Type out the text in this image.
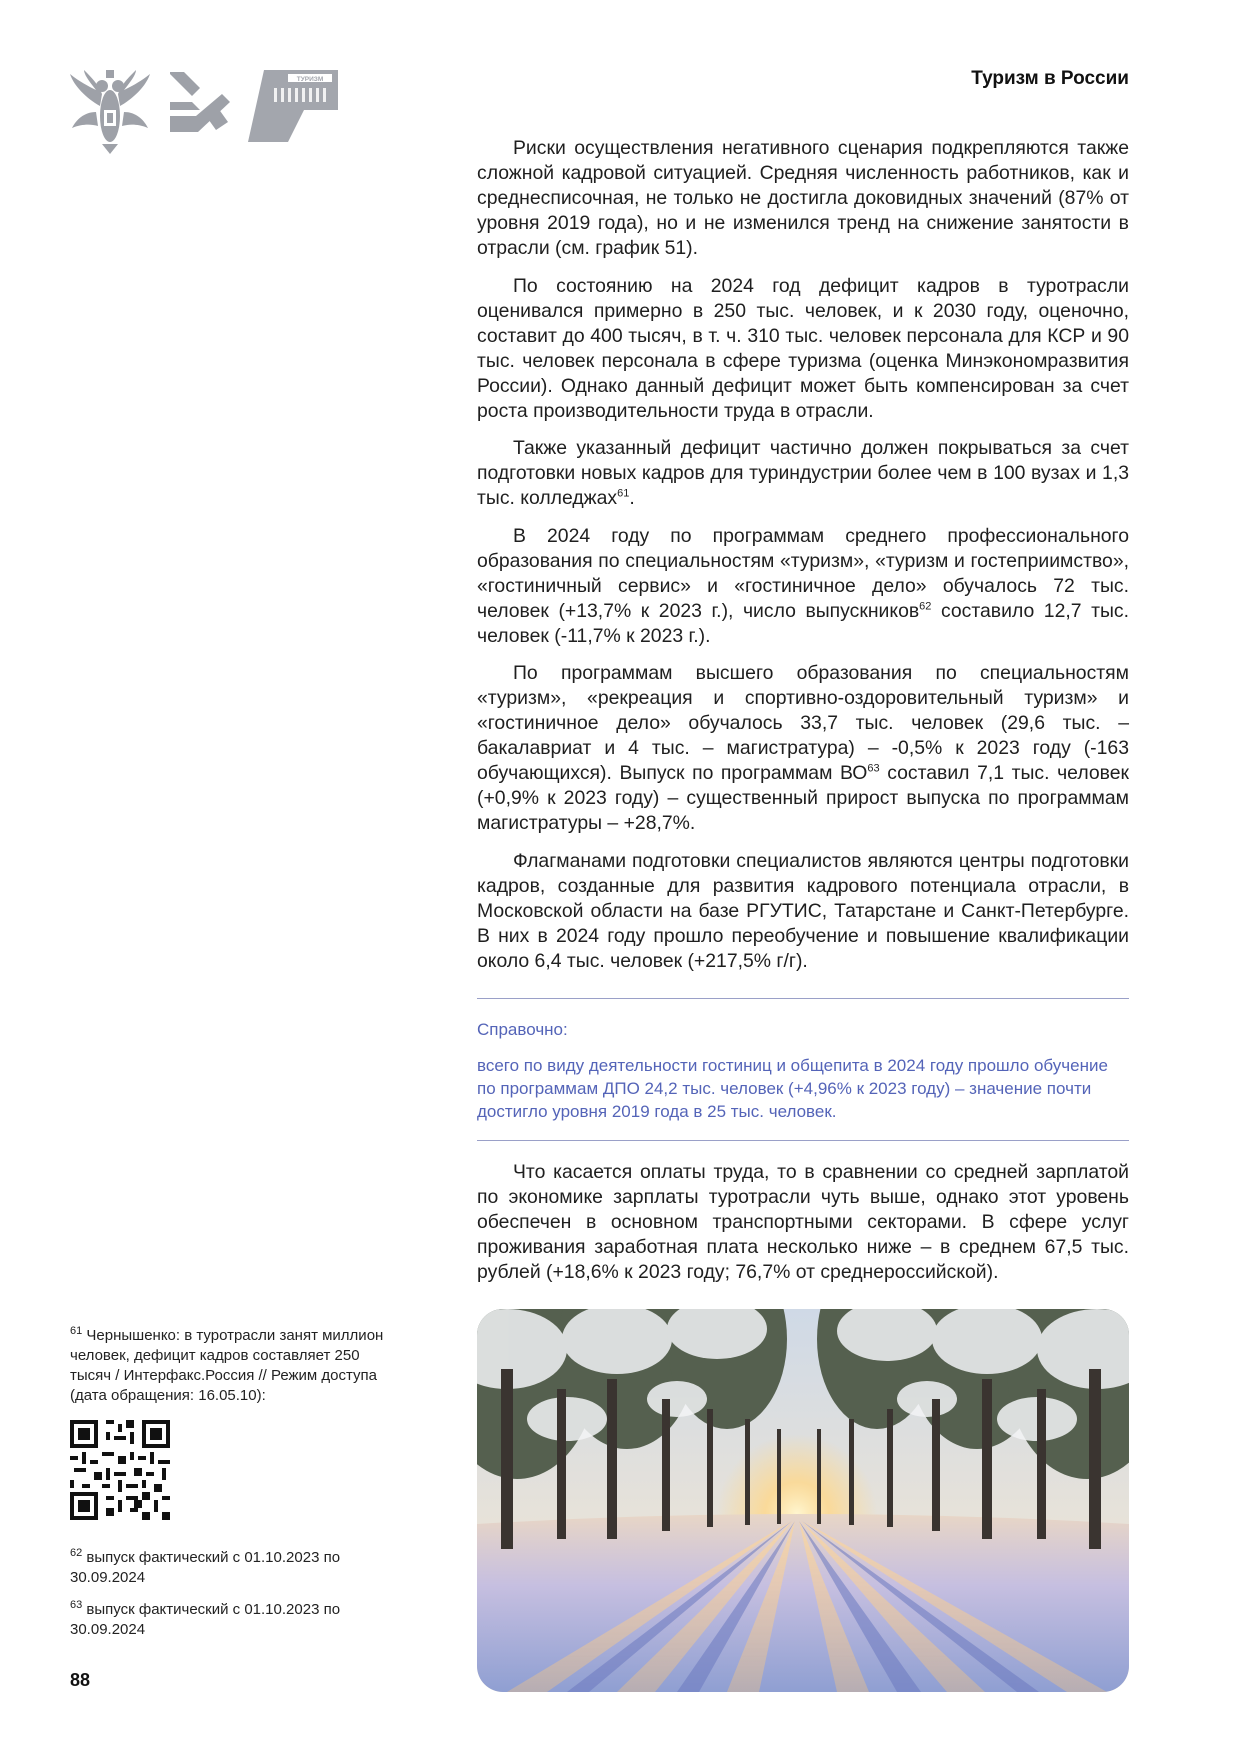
ТУРИЗМ	Туризм в России

Риски осуществления негативного сценария подкрепляются также сложной кадровой ситуацией. Средняя численность работников, как и среднесписочная, не только не достигла доковидных значений (87% от уровня 2019 года), но и не изменился тренд на снижение занятости в отрасли (см. график 51).

По состоянию на 2024 год дефицит кадров в туротрасли оценивался примерно в 250 тыс. человек, и к 2030 году, оценочно, составит до 400 тысяч, в т. ч. 310 тыс. человек персонала для КСР и 90 тыс. человек персонала в сфере туризма (оценка Минэкономразвития России). Однако данный дефицит может быть компенсирован за счет роста производительности труда в отрасли.

Также указанный дефицит частично должен покрываться за счет подготовки новых кадров для туриндустрии более чем в 100 вузах и 1,3 тыс. колледжах$^{61}$.

В 2024 году по программам среднего профессионального образования по специальностям «туризм», «туризм и гостеприимство», «гостиничный сервис» и «гостиничное дело» обучалось 72 тыс. человек (+13,7% к 2023 г.), число выпускников$^{62}$ составило 12,7 тыс. человек (-11,7% к 2023 г.).

По программам высшего образования по специальностям «туризм», «рекреация и спортивно-оздоровительный туризм» и «гостиничное дело» обучалось 33,7 тыс. человек (29,6 тыс. – бакалавриат и 4 тыс. – магистратура) – -0,5% к 2023 году (-163 обучающихся). Выпуск по программам ВО$^{63}$ составил 7,1 тыс. человек (+0,9% к 2023 году) – существенный прирост выпуска по программам магистратуры – +28,7%.

Флагманами подготовки специалистов являются центры подготовки кадров, созданные для развития кадрового потенциала отрасли, в Московской области на базе РГУТИС, Татарстане и Санкт-Петербурге. В них в 2024 году прошло переобучение и повышение квалификации около 6,4 тыс. человек (+217,5% г/г).

Справочно:
всего по виду деятельности гостиниц и общепита в 2024 году прошло обучение по программам ДПО 24,2 тыс. человек (+4,96% к 2023 году) – значение почти достигло уровня 2019 года в 25 тыс. человек.

Что касается оплаты труда, то в сравнении со средней зарплатой по экономике зарплаты туротрасли чуть выше, однако этот уровень обеспечен в основном транспортными секторами. В сфере услуг проживания заработная плата несколько ниже – в среднем 67,5 тыс. рублей (+18,6% к 2023 году; 76,7% от среднероссийской).

$^{61}$ Чернышенко: в туротрасли занят миллион человек, дефицит кадров составляет 250 тысяч / Интерфакс.Россия // Режим доступа (дата обращения: 16.05.10):

$^{62}$ выпуск фактический с 01.10.2023 по 30.09.2024

$^{63}$ выпуск фактический с 01.10.2023 по 30.09.2024

88
